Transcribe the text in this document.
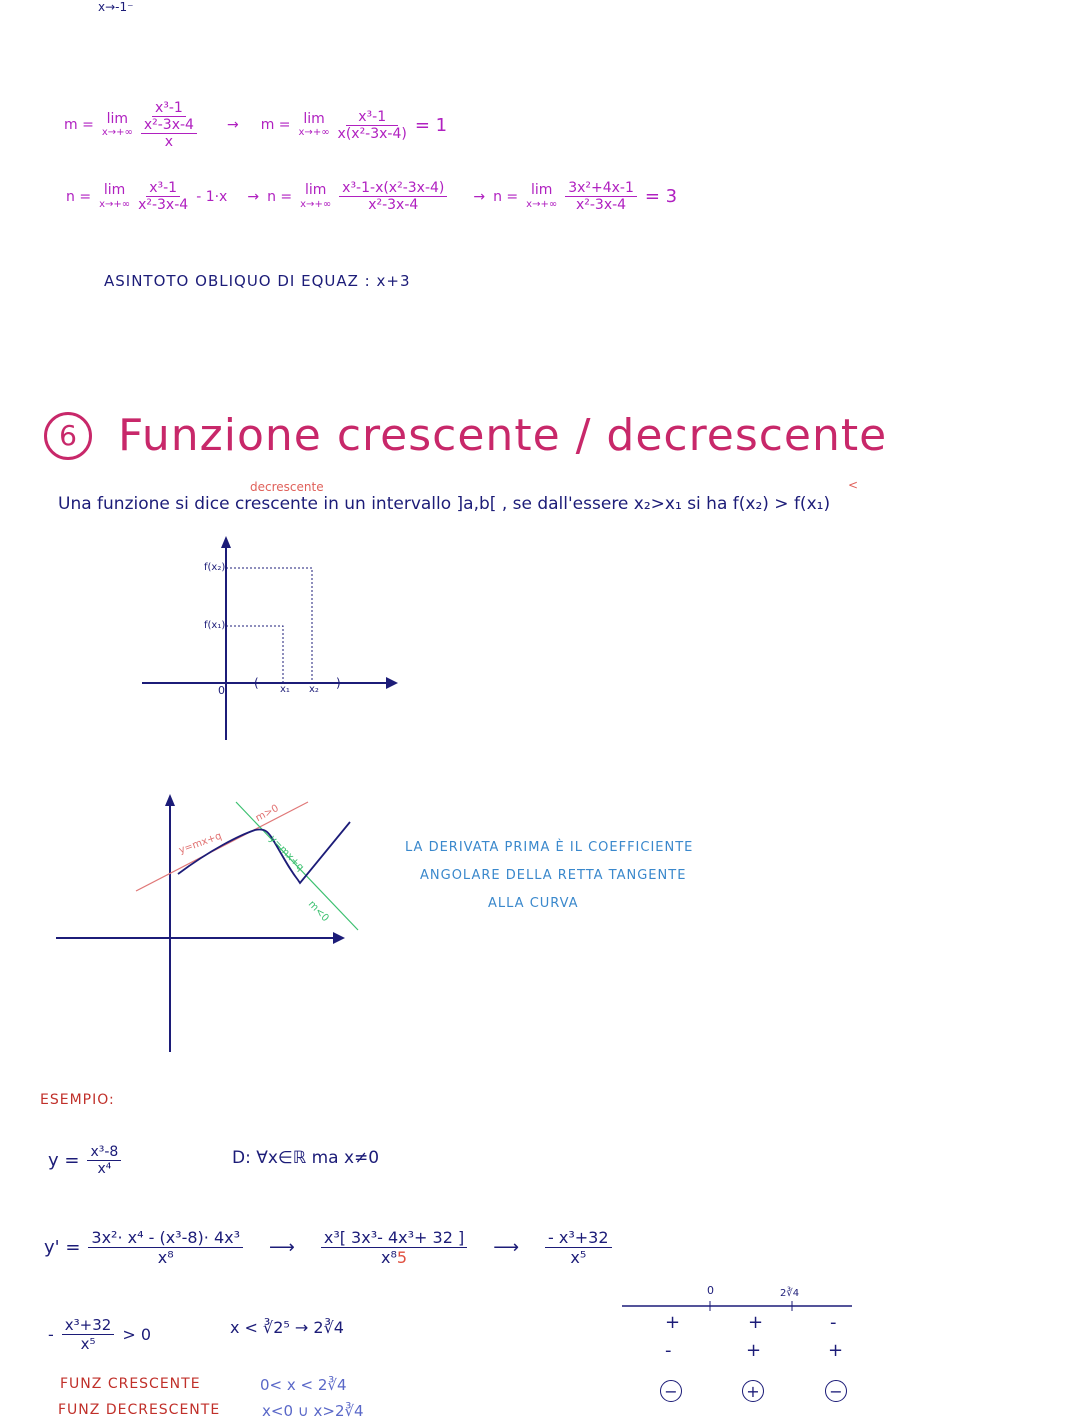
x→-1⁻
m = lim
x→+∞
x³-1
x²-3x-4
x
→ m = lim
$x\to+\infty \frac{\text{x³-1}}{\text{x(x²-3x-4)}} = 1$
n = lim
x→+∞
x³-1
x²-3x-4
- 1·x → n = lim
x→+∞
x³-1-x(x²-3x-4)
x²-3x-4
→ n = lim
$x\to+\infty \frac{\text{3x²+4x-1}}{\text{x²-3x-4}} = 3$
ASINTOTO OBLIQUO DI EQUAZ : x+3
6 Funzione crescente / decrescente
decrescente	<
Una funzione si dice crescente in un intervallo ]a,b[ , se dall'essere x₂>x₁ si ha f(x₂) > f(x₁)
(	)
f(x₂)
f(x₁)
0	x₁ x₂
y=mx+q
m>0
y=mx+q
m<0
LA DERIVATA PRIMA È IL COEFFICIENTE
ANGOLARE DELLA RETTA TANGENTE
ALLA CURVA
ESEMPIO:
$y = \frac{\text{x³-8}}{\text{x⁴}}$	D: ∀x∈ℝ ma x≠0
$y' = \frac{\text{3x²· x⁴ - (x³-8)· 4x³}}{\text{x⁸}}$ ⟶ x³[ 3x³- 4x³+ 32 ]
x⁸5	⟶ - x³+32
x⁵
- x³+32
x⁵ > 0	x < ∛2⁵ → 2∛4
0	2∛4
+	+	-
-	+	+
−	+	−
FUNZ CRESCENTE	0< x < 2∛4
FUNZ DECRESCENTE	x<0 ∪ x>2∛4
